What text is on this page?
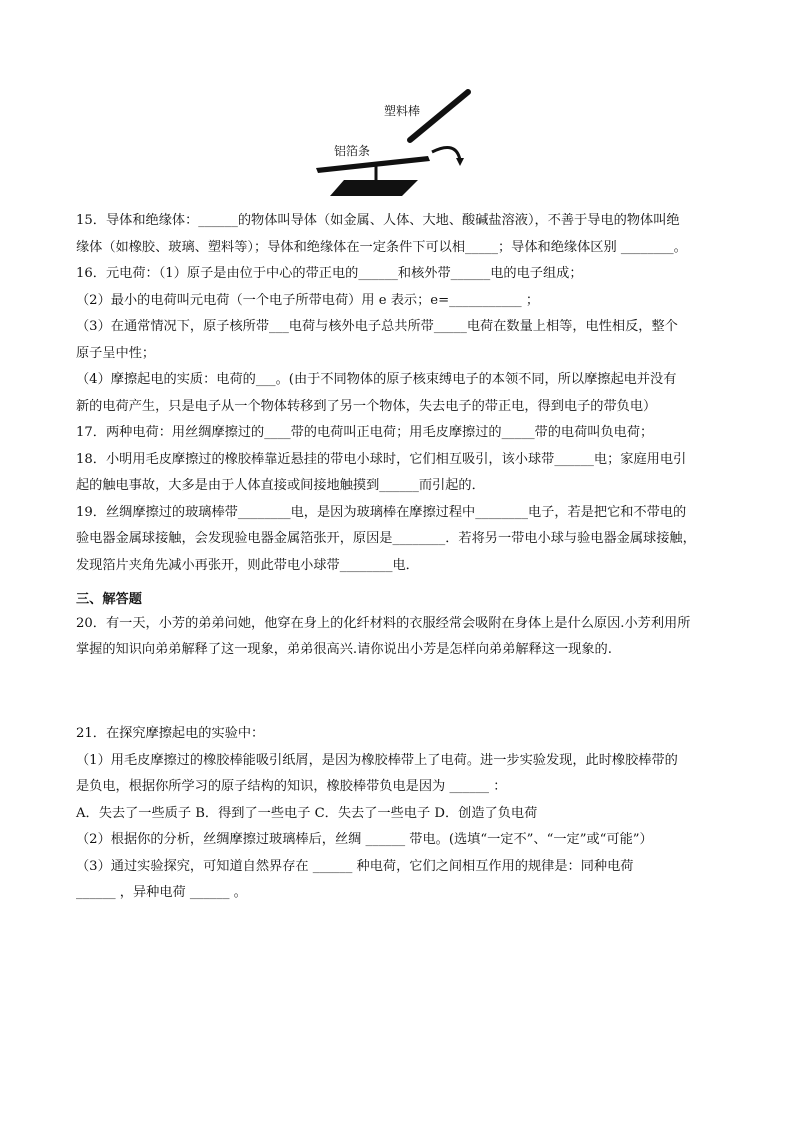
塑料棒
铝箔条
15．导体和绝缘体：______的物体叫导体（如金属、人体、大地、酸碱盐溶液），不善于导电的物体叫绝
缘体（如橡胶、玻璃、塑料等）；导体和绝缘体在一定条件下可以相_____；导体和绝缘体区别 ________。
16．元电荷：（1）原子是由位于中心的带正电的______和核外带______电的电子组成；
（2）最小的电荷叫元电荷（一个电子所带电荷）用 e 表示；e=___________ ；
（3）在通常情况下，原子核所带___电荷与核外电子总共所带_____电荷在数量上相等，电性相反，整个
原子呈中性；
（4）摩擦起电的实质：电荷的___。(由于不同物体的原子核束缚电子的本领不同，所以摩擦起电并没有
新的电荷产生，只是电子从一个物体转移到了另一个物体，失去电子的带正电，得到电子的带负电）
17．两种电荷：用丝绸摩擦过的____带的电荷叫正电荷；用毛皮摩擦过的_____带的电荷叫负电荷；
18．小明用毛皮摩擦过的橡胶棒靠近悬挂的带电小球时，它们相互吸引，该小球带______电；家庭用电引
起的触电事故，大多是由于人体直接或间接地触摸到______而引起的．
19．丝绸摩擦过的玻璃棒带________电，是因为玻璃棒在摩擦过程中________电子，若是把它和不带电的
验电器金属球接触，会发现验电器金属箔张开，原因是________．若将另一带电小球与验电器金属球接触，
发现箔片夹角先减小再张开，则此带电小球带________电．
三、解答题
20．有一天，小芳的弟弟问她，他穿在身上的化纤材料的衣服经常会吸附在身体上是什么原因.小芳利用所
掌握的知识向弟弟解释了这一现象，弟弟很高兴.请你说出小芳是怎样向弟弟解释这一现象的.
21．在探究摩擦起电的实验中：
（1）用毛皮摩擦过的橡胶棒能吸引纸屑，是因为橡胶棒带上了电荷。进一步实验发现，此时橡胶棒带的
是负电，根据你所学习的原子结构的知识，橡胶棒带负电是因为 ______ ：
A．失去了一些质子 B．得到了一些电子 C．失去了一些电子 D．创造了负电荷
（2）根据你的分析，丝绸摩擦过玻璃棒后，丝绸 ______ 带电。(选填“一定不”、“一定”或“可能”）
（3）通过实验探究，可知道自然界存在 ______ 种电荷，它们之间相互作用的规律是：同种电荷
______ ，异种电荷 ______ 。
